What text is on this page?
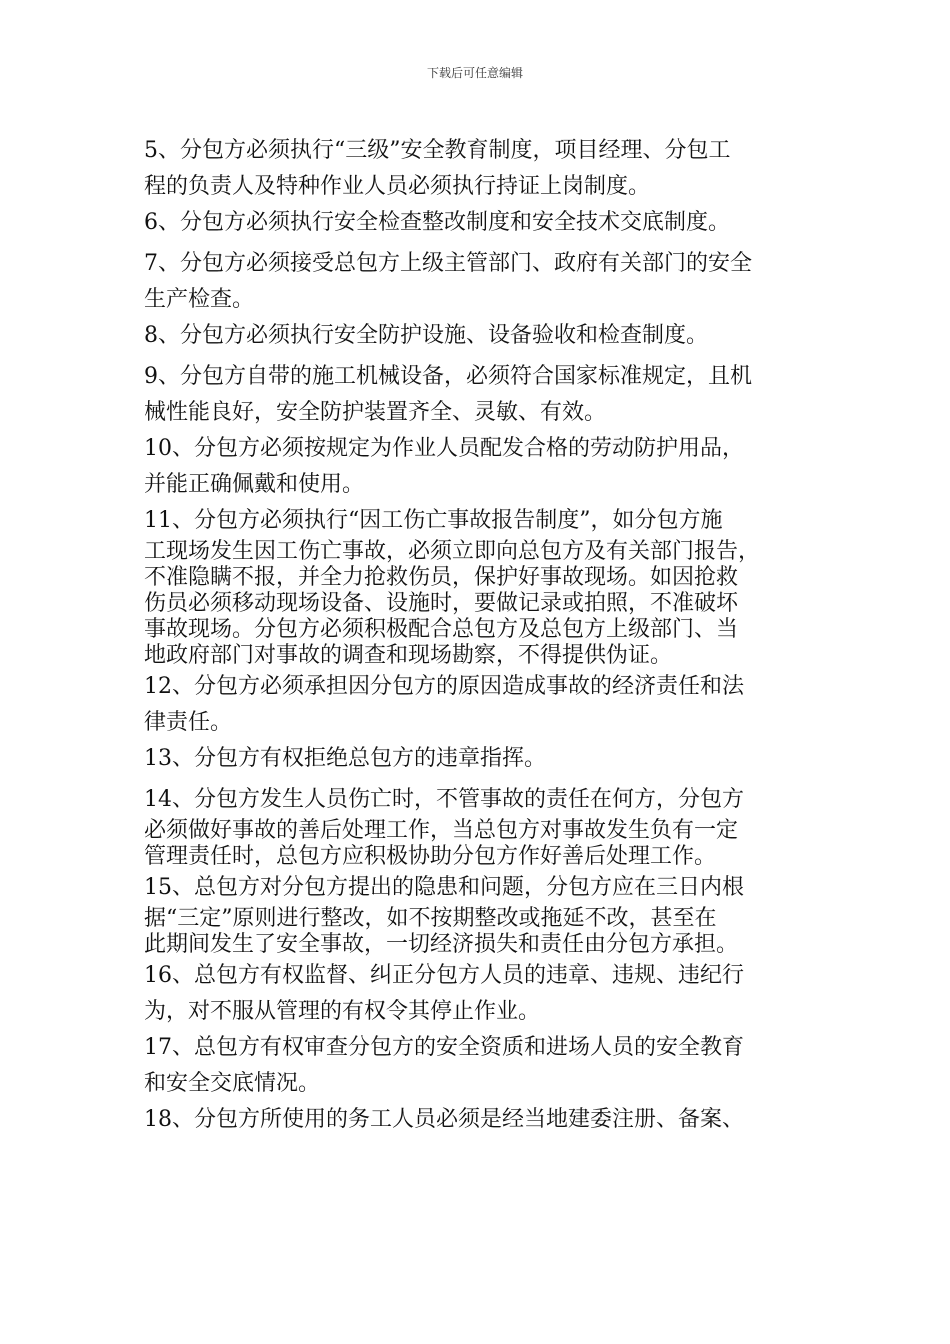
下载后可任意编辑

5、分包方必须执行“三级”安全教育制度，项目经理、分包工
程的负责人及特种作业人员必须执行持证上岗制度。

6、分包方必须执行安全检查整改制度和安全技术交底制度。

7、分包方必须接受总包方上级主管部门、政府有关部门的安全
生产检查。

8、分包方必须执行安全防护设施、设备验收和检查制度。

9、分包方自带的施工机械设备，必须符合国家标准规定，且机
械性能良好，安全防护装置齐全、灵敏、有效。

10、分包方必须按规定为作业人员配发合格的劳动防护用品，
并能正确佩戴和使用。

11、分包方必须执行“因工伤亡事故报告制度”，如分包方施
工现场发生因工伤亡事故，必须立即向总包方及有关部门报告，
不准隐瞒不报，并全力抢救伤员，保护好事故现场。如因抢救
伤员必须移动现场设备、设施时，要做记录或拍照，不准破坏
事故现场。分包方必须积极配合总包方及总包方上级部门、当
地政府部门对事故的调查和现场勘察，不得提供伪证。

12、分包方必须承担因分包方的原因造成事故的经济责任和法
律责任。

13、分包方有权拒绝总包方的违章指挥。

14、分包方发生人员伤亡时，不管事故的责任在何方，分包方
必须做好事故的善后处理工作，当总包方对事故发生负有一定
管理责任时，总包方应积极协助分包方作好善后处理工作。

15、总包方对分包方提出的隐患和问题，分包方应在三日内根
据“三定”原则进行整改，如不按期整改或拖延不改，甚至在
此期间发生了安全事故，一切经济损失和责任由分包方承担。

16、总包方有权监督、纠正分包方人员的违章、违规、违纪行
为，对不服从管理的有权令其停止作业。

17、总包方有权审查分包方的安全资质和进场人员的安全教育
和安全交底情况。

18、分包方所使用的务工人员必须是经当地建委注册、备案、
